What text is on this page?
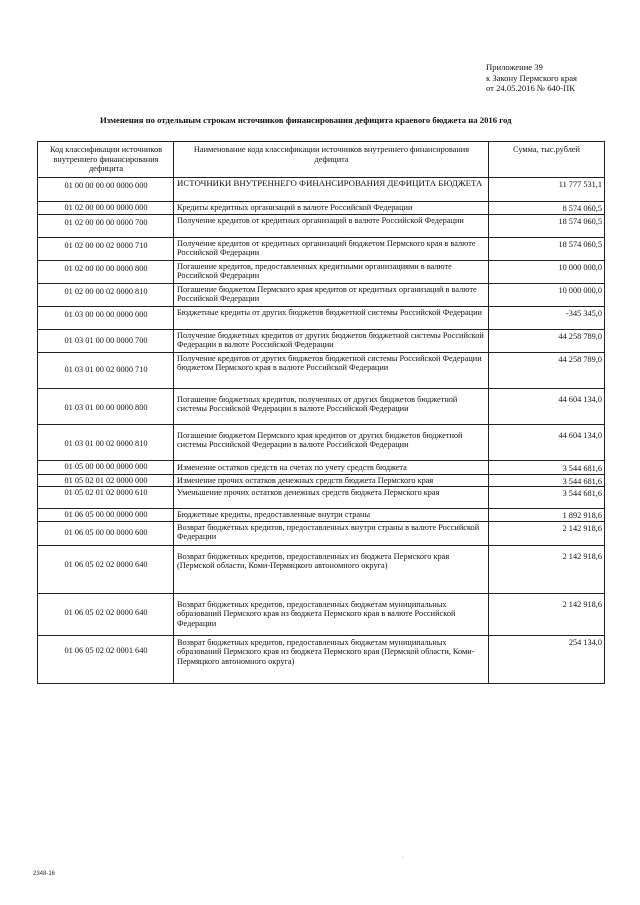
Приложение 39
к Закону Пермского края
от 24.05.2016 № 640-ПК
Изменения по отдельным строкам источников финансирования дефицита краевого бюджета на 2016 год
Код классификации источников внутреннего финансирования дефицита	Наименование кода классификации источников внутреннего финансирования дефицита	Сумма, тыс.рублей
01 00 00 00 00 0000 000	ИСТОЧНИКИ ВНУТРЕННЕГО ФИНАНСИРОВАНИЯ ДЕФИЦИТА БЮДЖЕТА	11 777 531,1
01 02 00 00 00 0000 000	Кредиты кредитных организаций в валюте Российской Федерации	8 574 060,5
01 02 00 00 00 0000 700	Получение кредитов от кредитных организаций в валюте Российской Федерации	18 574 060,5
01 02 00 00 02 0000 710	Получение кредитов от кредитных организаций бюджетом Пермского края в валюте Российской Федерации	18 574 060,5
01 02 00 00 00 0000 800	Погашение кредитов, предоставленных кредитными организациями в валюте Российской Федерации	10 000 000,0
01 02 00 00 02 0000 810	Погашение бюджетом Пермского края кредитов от кредитных организаций в валюте Российской Федерации	10 000 000,0
01 03 00 00 00 0000 000	Бюджетные кредиты от других бюджетов бюджетной системы Российской Федерации	-345 345,0
01 03 01 00 00 0000 700	Получение бюджетных кредитов от других бюджетов бюджетной системы Российской Федерации в валюте Российской Федерации	44 258 789,0
01 03 01 00 02 0000 710	Получение кредитов от других бюджетов бюджетной системы Российской Федерации бюджетом Пермского края в валюте Российской Федерации	44 258 789,0
01 03 01 00 00 0000 800	Погашение бюджетных кредитов, полученных от других бюджетов бюджетной системы Российской Федерации в валюте Российской Федерации	44 604 134,0
01 03 01 00 02 0000 810	Погашение бюджетом Пермского края кредитов от других бюджетов бюджетной системы Российской Федерации в валюте Российской Федерации	44 604 134,0
01 05 00 00 00 0000 000	Изменение остатков средств на счетах по учету средств бюджета	3 544 681,6
01 05 02 01 02 0000 000	Изменение прочих остатков денежных средств бюджета Пермского края	3 544 681,6
01 05 02 01 02 0000 610	Уменьшение прочих остатков денежных средств бюджета Пермского края	3 544 681,6
01 06 05 00 00 0000 000	Бюджетные кредиты, предоставленные внутри страны	1 892 918,6
01 06 05 00 00 0000 600	Возврат бюджетных кредитов, предоставленных внутри страны в валюте Российской Федерации	2 142 918,6
01 06 05 02 02 0000 640	Возврат бюджетных кредитов, предоставленных из бюджета Пермского края (Пермской области, Коми-Пермяцкого автономного округа)	2 142 918,6
01 06 05 02 02 0000 640	Возврат бюджетных кредитов, предоставленных бюджетам муниципальных образований Пермского края из бюджета Пермского края в валюте Российской Федерации	2 142 918,6
01 06 05 02 02 0001 640	Возврат бюджетных кредитов, предоставленных бюджетам муниципальных образований Пермского края из бюджета Пермского края (Пермской области, Коми-Пермяцкого автономного округа)	254 134,0
·
2348-16
